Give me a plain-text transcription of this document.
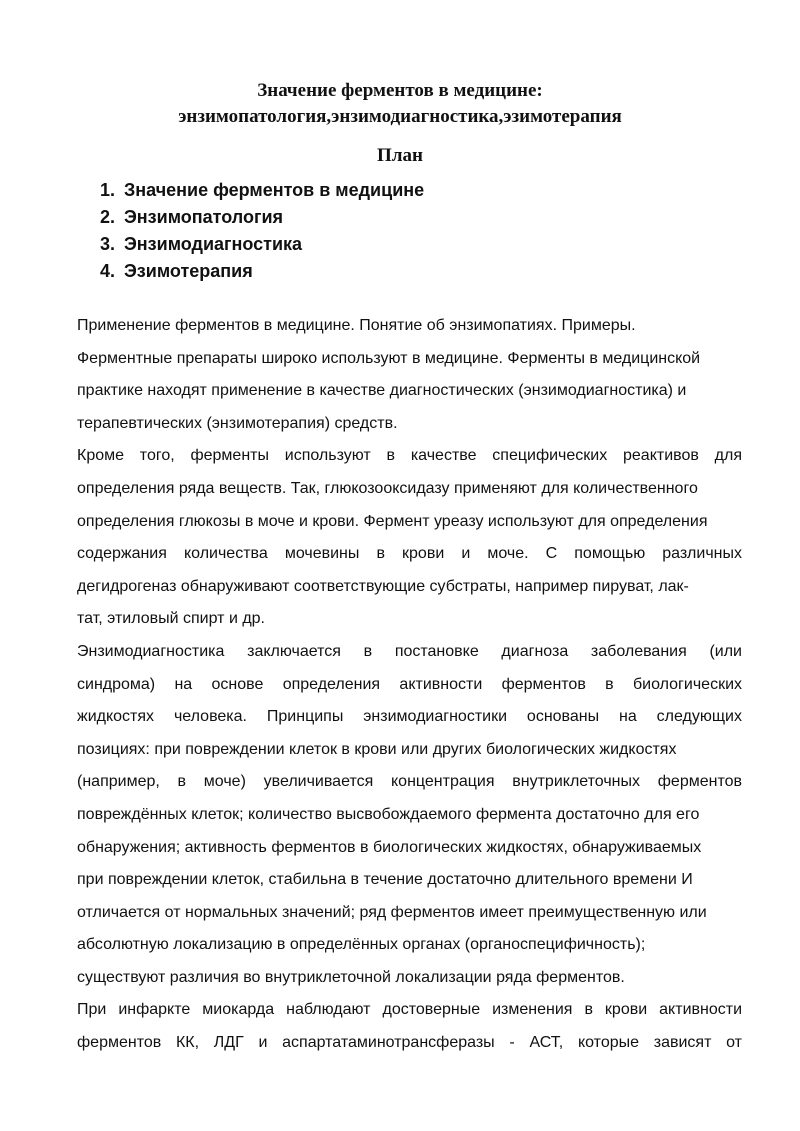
Значение ферментов в медицине:
энзимопатология,энзимодиагностика,эзимотерапия
План
1. Значение ферментов в медицине
2. Энзимопатология
3. Энзимодиагностика
4. Эзимотерапия
Применение ферментов в медицине. Понятие об энзимопатиях. Примеры.
Ферментные препараты широко используют в медицине. Ферменты в медицинской
практике находят применение в качестве диагностических (энзимодиагностика) и
терапевтических (энзимотерапия) средств.
Кроме того, ферменты используют в качестве специфических реактивов для
определения ряда веществ. Так, глюкозооксидазу применяют для количественного
определения глюкозы в моче и крови. Фермент уреазу используют для определения
содержания количества мочевины в крови и моче. С помощью различных
дегидрогеназ обнаруживают соответствующие субстраты, например пируват, лак-
тат, этиловый спирт и др.
Энзимодиагностика заключается в постановке диагноза заболевания (или
синдрома) на основе определения активности ферментов в биологических
жидкостях человека. Принципы энзимодиагностики основаны на следующих
позициях: при повреждении клеток в крови или других биологических жидкостях
(например, в моче) увеличивается концентрация внутриклеточных ферментов
повреждённых клеток; количество высвобождаемого фермента достаточно для его
обнаружения; активность ферментов в биологических жидкостях, обнаруживаемых
при повреждении клеток, стабильна в течение достаточно длительного времени И
отличается от нормальных значений; ряд ферментов имеет преимущественную или
абсолютную локализацию в определённых органах (органоспецифичность);
существуют различия во внутриклеточной локализации ряда ферментов.
При инфаркте миокарда наблюдают достоверные изменения в крови активности
ферментов КК, ЛДГ и аспартатаминотрансферазы - АСТ, которые зависят от
